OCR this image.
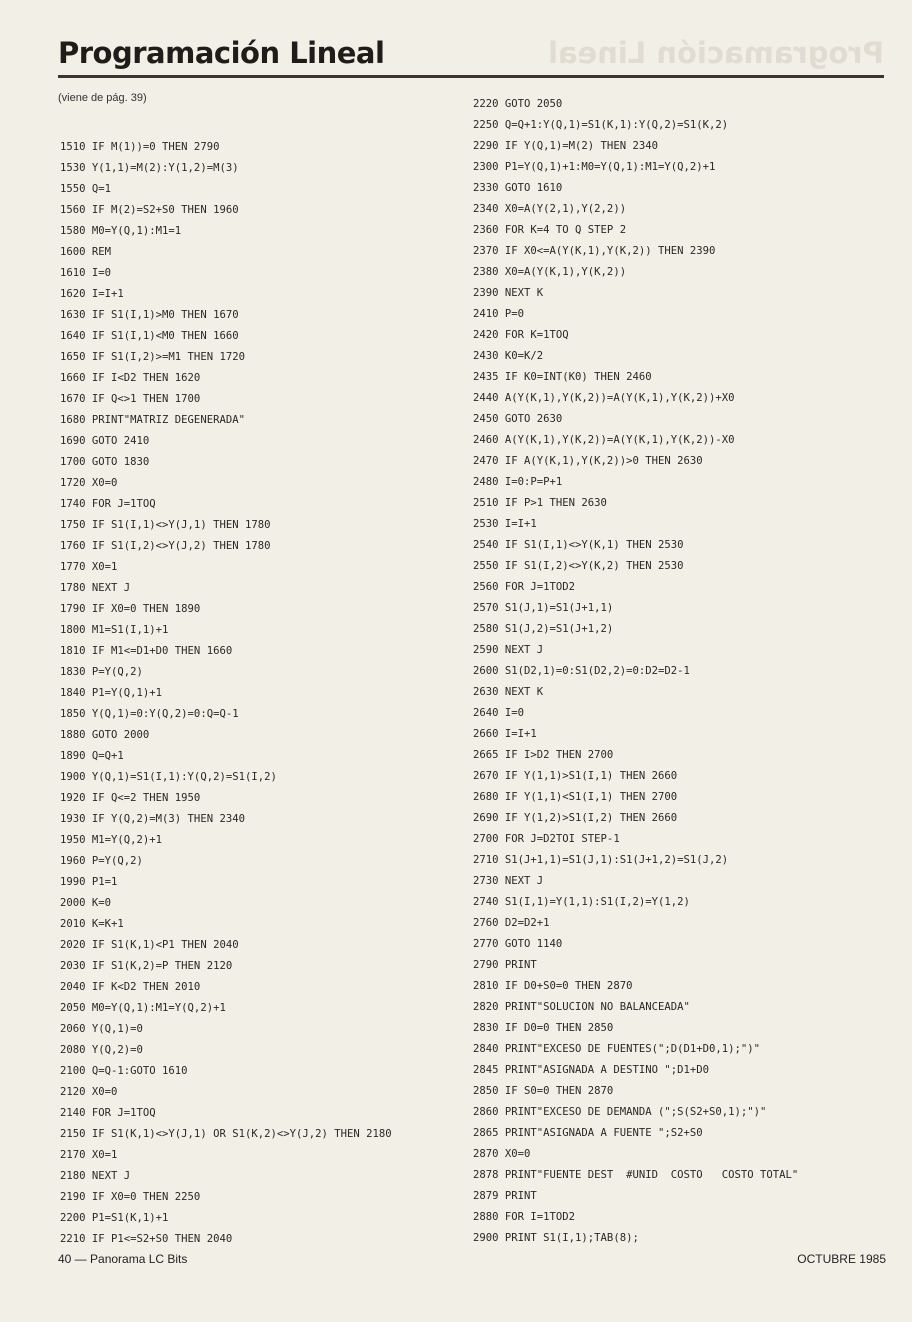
Programación Lineal
Programación Lineal
(viene de pág. 39)
1510 IF M(1))=0 THEN 2790
1530 Y(1,1)=M(2):Y(1,2)=M(3)
1550 Q=1
1560 IF M(2)=S2+S0 THEN 1960
1580 M0=Y(Q,1):M1=1
1600 REM
1610 I=0
1620 I=I+1
1630 IF S1(I,1)>M0 THEN 1670
1640 IF S1(I,1)<M0 THEN 1660
1650 IF S1(I,2)>=M1 THEN 1720
1660 IF I<D2 THEN 1620
1670 IF Q<>1 THEN 1700
1680 PRINT"MATRIZ DEGENERADA"
1690 GOTO 2410
1700 GOTO 1830
1720 X0=0
1740 FOR J=1TOQ
1750 IF S1(I,1)<>Y(J,1) THEN 1780
1760 IF S1(I,2)<>Y(J,2) THEN 1780
1770 X0=1
1780 NEXT J
1790 IF X0=0 THEN 1890
1800 M1=S1(I,1)+1
1810 IF M1<=D1+D0 THEN 1660
1830 P=Y(Q,2)
1840 P1=Y(Q,1)+1
1850 Y(Q,1)=0:Y(Q,2)=0:Q=Q-1
1880 GOTO 2000
1890 Q=Q+1
1900 Y(Q,1)=S1(I,1):Y(Q,2)=S1(I,2)
1920 IF Q<=2 THEN 1950
1930 IF Y(Q,2)=M(3) THEN 2340
1950 M1=Y(Q,2)+1
1960 P=Y(Q,2)
1990 P1=1
2000 K=0
2010 K=K+1
2020 IF S1(K,1)<P1 THEN 2040
2030 IF S1(K,2)=P THEN 2120
2040 IF K<D2 THEN 2010
2050 M0=Y(Q,1):M1=Y(Q,2)+1
2060 Y(Q,1)=0
2080 Y(Q,2)=0
2100 Q=Q-1:GOTO 1610
2120 X0=0
2140 FOR J=1TOQ
2150 IF S1(K,1)<>Y(J,1) OR S1(K,2)<>Y(J,2) THEN 2180
2170 X0=1
2180 NEXT J
2190 IF X0=0 THEN 2250
2200 P1=S1(K,1)+1
2210 IF P1<=S2+S0 THEN 2040
2220 GOTO 2050
2250 Q=Q+1:Y(Q,1)=S1(K,1):Y(Q,2)=S1(K,2)
2290 IF Y(Q,1)=M(2) THEN 2340
2300 P1=Y(Q,1)+1:M0=Y(Q,1):M1=Y(Q,2)+1
2330 GOTO 1610
2340 X0=A(Y(2,1),Y(2,2))
2360 FOR K=4 TO Q STEP 2
2370 IF X0<=A(Y(K,1),Y(K,2)) THEN 2390
2380 X0=A(Y(K,1),Y(K,2))
2390 NEXT K
2410 P=0
2420 FOR K=1TOQ
2430 K0=K/2
2435 IF K0=INT(K0) THEN 2460
2440 A(Y(K,1),Y(K,2))=A(Y(K,1),Y(K,2))+X0
2450 GOTO 2630
2460 A(Y(K,1),Y(K,2))=A(Y(K,1),Y(K,2))-X0
2470 IF A(Y(K,1),Y(K,2))>0 THEN 2630
2480 I=0:P=P+1
2510 IF P>1 THEN 2630
2530 I=I+1
2540 IF S1(I,1)<>Y(K,1) THEN 2530
2550 IF S1(I,2)<>Y(K,2) THEN 2530
2560 FOR J=1TOD2
2570 S1(J,1)=S1(J+1,1)
2580 S1(J,2)=S1(J+1,2)
2590 NEXT J
2600 S1(D2,1)=0:S1(D2,2)=0:D2=D2-1
2630 NEXT K
2640 I=0
2660 I=I+1
2665 IF I>D2 THEN 2700
2670 IF Y(1,1)>S1(I,1) THEN 2660
2680 IF Y(1,1)<S1(I,1) THEN 2700
2690 IF Y(1,2)>S1(I,2) THEN 2660
2700 FOR J=D2TOI STEP-1
2710 S1(J+1,1)=S1(J,1):S1(J+1,2)=S1(J,2)
2730 NEXT J
2740 S1(I,1)=Y(1,1):S1(I,2)=Y(1,2)
2760 D2=D2+1
2770 GOTO 1140
2790 PRINT
2810 IF D0+S0=0 THEN 2870
2820 PRINT"SOLUCION NO BALANCEADA"
2830 IF D0=0 THEN 2850
2840 PRINT"EXCESO DE FUENTES(";D(D1+D0,1);")"
2845 PRINT"ASIGNADA A DESTINO ";D1+D0
2850 IF S0=0 THEN 2870
2860 PRINT"EXCESO DE DEMANDA (";S(S2+S0,1);")"
2865 PRINT"ASIGNADA A FUENTE ";S2+S0
2870 X0=0
2878 PRINT"FUENTE DEST  #UNID  COSTO   COSTO TOTAL"
2879 PRINT
2880 FOR I=1TOD2
2900 PRINT S1(I,1);TAB(8);
40 — Panorama LC Bits	OCTUBRE 1985
